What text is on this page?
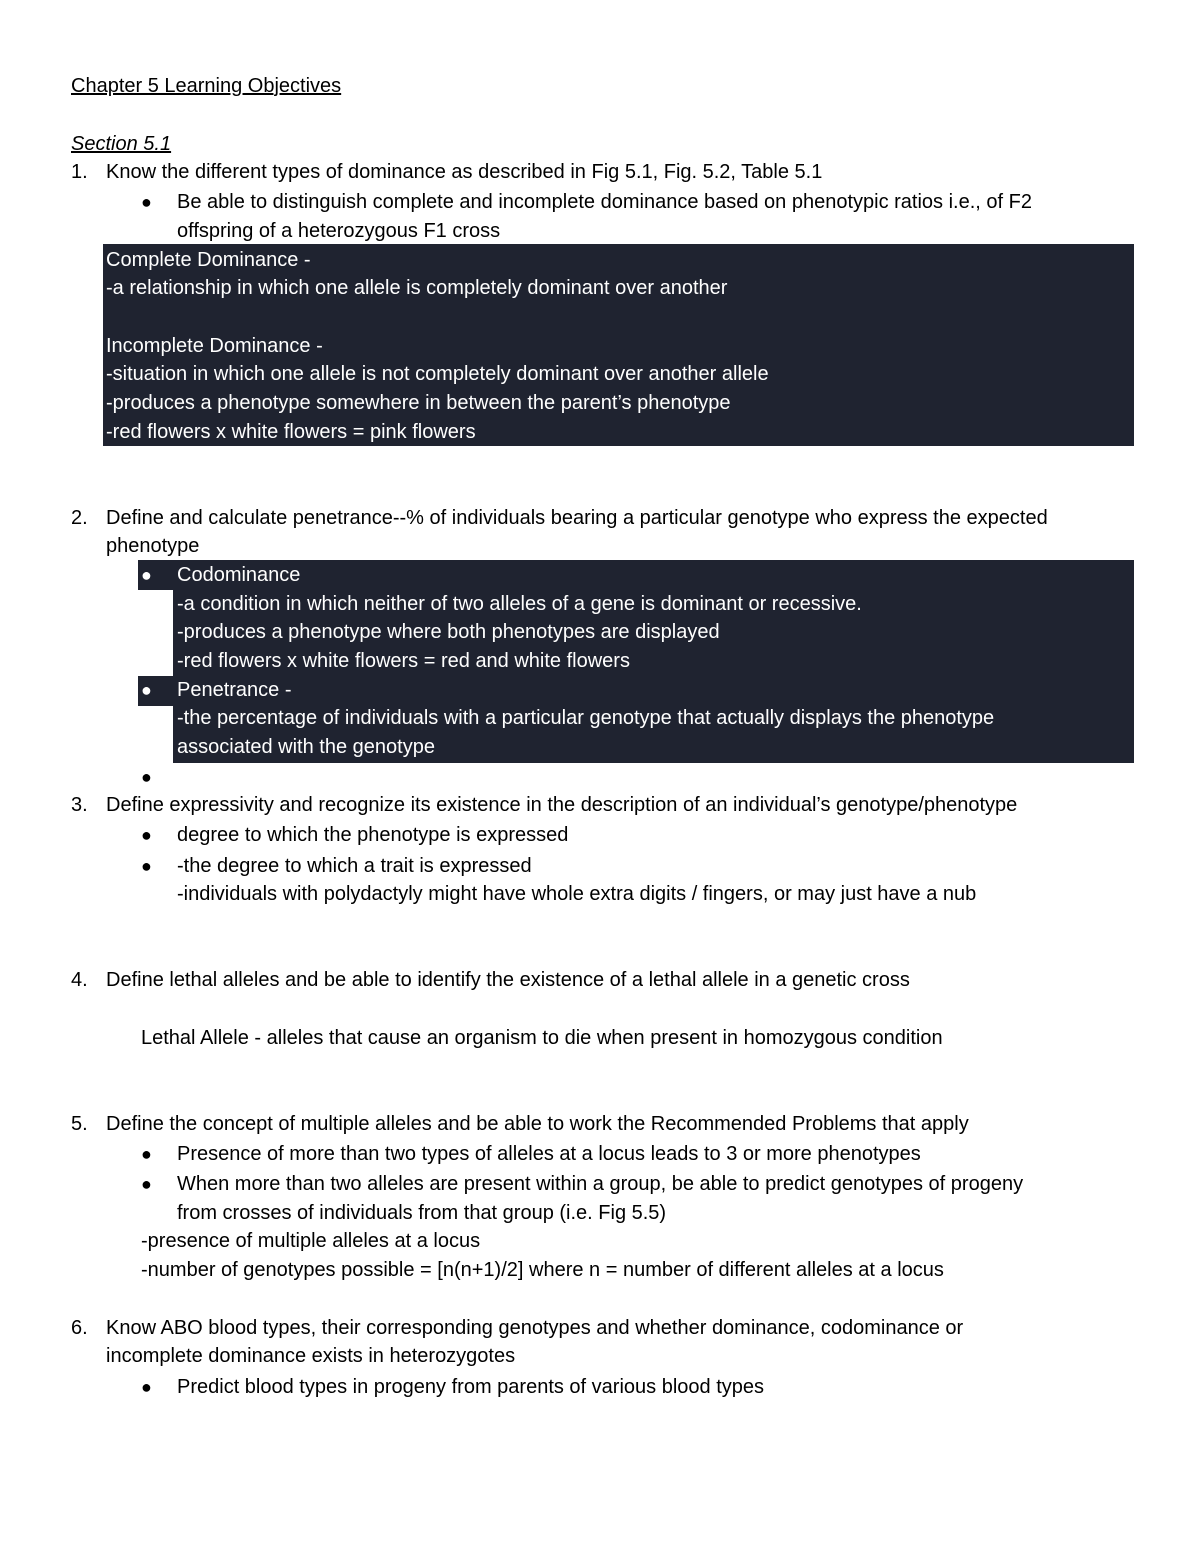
Chapter 5 Learning Objectives
Section 5.1
1. Know the different types of dominance as described in Fig 5.1, Fig. 5.2, Table 5.1
● Be able to distinguish complete and incomplete dominance based on phenotypic ratios i.e., of F2
offspring of a heterozygous F1 cross
Complete Dominance -
-a relationship in which one allele is completely dominant over another
Incomplete Dominance -
-situation in which one allele is not completely dominant over another allele
-produces a phenotype somewhere in between the parent’s phenotype
-red flowers x white flowers = pink flowers
2. Define and calculate penetrance--% of individuals bearing a particular genotype who express the expected
phenotype
● Codominance
-a condition in which neither of two alleles of a gene is dominant or recessive.
-produces a phenotype where both phenotypes are displayed
-red flowers x white flowers = red and white flowers
● Penetrance -
-the percentage of individuals with a particular genotype that actually displays the phenotype
associated with the genotype
●
3. Define expressivity and recognize its existence in the description of an individual’s genotype/phenotype
● degree to which the phenotype is expressed
● -the degree to which a trait is expressed
-individuals with polydactyly might have whole extra digits / fingers, or may just have a nub
4. Define lethal alleles and be able to identify the existence of a lethal allele in a genetic cross
Lethal Allele - alleles that cause an organism to die when present in homozygous condition
5. Define the concept of multiple alleles and be able to work the Recommended Problems that apply
● Presence of more than two types of alleles at a locus leads to 3 or more phenotypes
● When more than two alleles are present within a group, be able to predict genotypes of progeny
from crosses of individuals from that group (i.e. Fig 5.5)
-presence of multiple alleles at a locus
-number of genotypes possible = [n(n+1)/2] where n = number of different alleles at a locus
6. Know ABO blood types, their corresponding genotypes and whether dominance, codominance or
incomplete dominance exists in heterozygotes
● Predict blood types in progeny from parents of various blood types
